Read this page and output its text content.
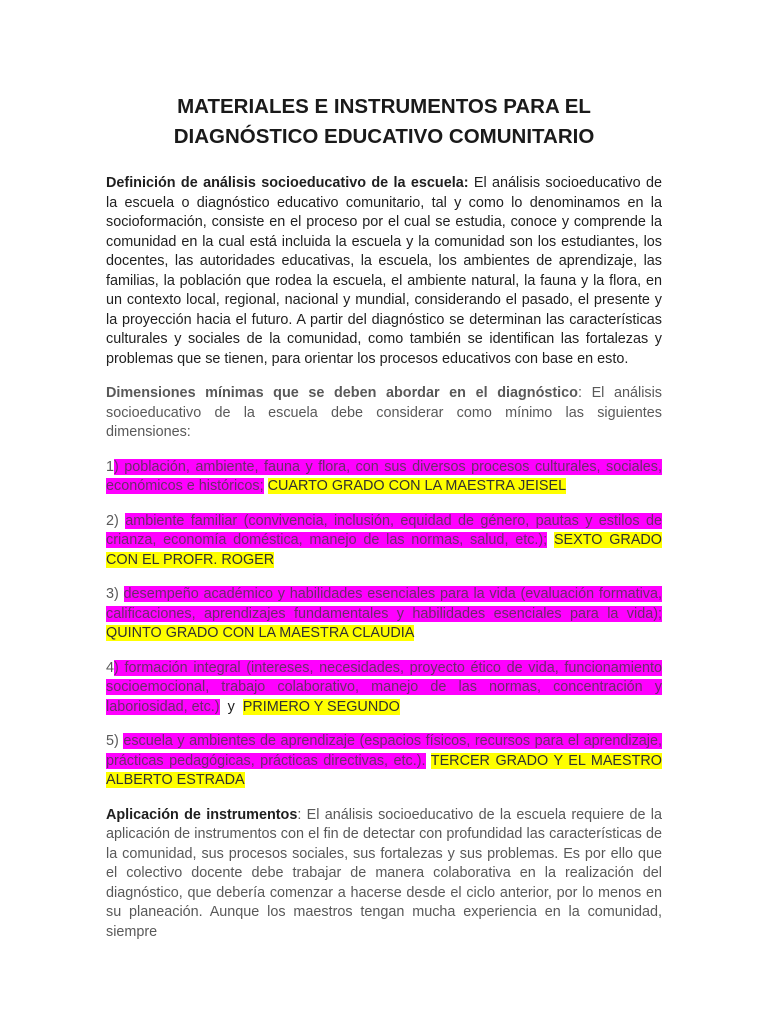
MATERIALES E INSTRUMENTOS PARA EL DIAGNÓSTICO EDUCATIVO COMUNITARIO

Definición de análisis socioeducativo de la escuela: El análisis socioeducativo de la escuela o diagnóstico educativo comunitario, tal y como lo denominamos en la socioformación, consiste en el proceso por el cual se estudia, conoce y comprende la comunidad en la cual está incluida la escuela y la comunidad son los estudiantes, los docentes, las autoridades educativas, la escuela, los ambientes de aprendizaje, las familias, la población que rodea la escuela, el ambiente natural, la fauna y la flora, en un contexto local, regional, nacional y mundial, considerando el pasado, el presente y la proyección hacia el futuro. A partir del diagnóstico se determinan las características culturales y sociales de la comunidad, como también se identifican las fortalezas y problemas que se tienen, para orientar los procesos educativos con base en esto.

Dimensiones mínimas que se deben abordar en el diagnóstico: El análisis socioeducativo de la escuela debe considerar como mínimo las siguientes dimensiones:

1) población, ambiente, fauna y flora, con sus diversos procesos culturales, sociales, económicos e históricos; CUARTO GRADO CON LA MAESTRA JEISEL

2) ambiente familiar (convivencia, inclusión, equidad de género, pautas y estilos de crianza, economía doméstica, manejo de las normas, salud, etc.); SEXTO GRADO CON EL PROFR. ROGER

3) desempeño académico y habilidades esenciales para la vida (evaluación formativa, calificaciones, aprendizajes fundamentales y habilidades esenciales para la vida); QUINTO GRADO CON LA MAESTRA CLAUDIA

4) formación integral (intereses, necesidades, proyecto ético de vida, funcionamiento socioemocional, trabajo colaborativo, manejo de las normas, concentración y laboriosidad, etc.)  y  PRIMERO Y SEGUNDO

5) escuela y ambientes de aprendizaje (espacios físicos, recursos para el aprendizaje, prácticas pedagógicas, prácticas directivas, etc.). TERCER GRADO Y EL MAESTRO ALBERTO ESTRADA

Aplicación de instrumentos: El análisis socioeducativo de la escuela requiere de la aplicación de instrumentos con el fin de detectar con profundidad las características de la comunidad, sus procesos sociales, sus fortalezas y sus problemas. Es por ello que el colectivo docente debe trabajar de manera colaborativa en la realización del diagnóstico, que debería comenzar a hacerse desde el ciclo anterior, por lo menos en su planeación. Aunque los maestros tengan mucha experiencia en la comunidad, siempre
